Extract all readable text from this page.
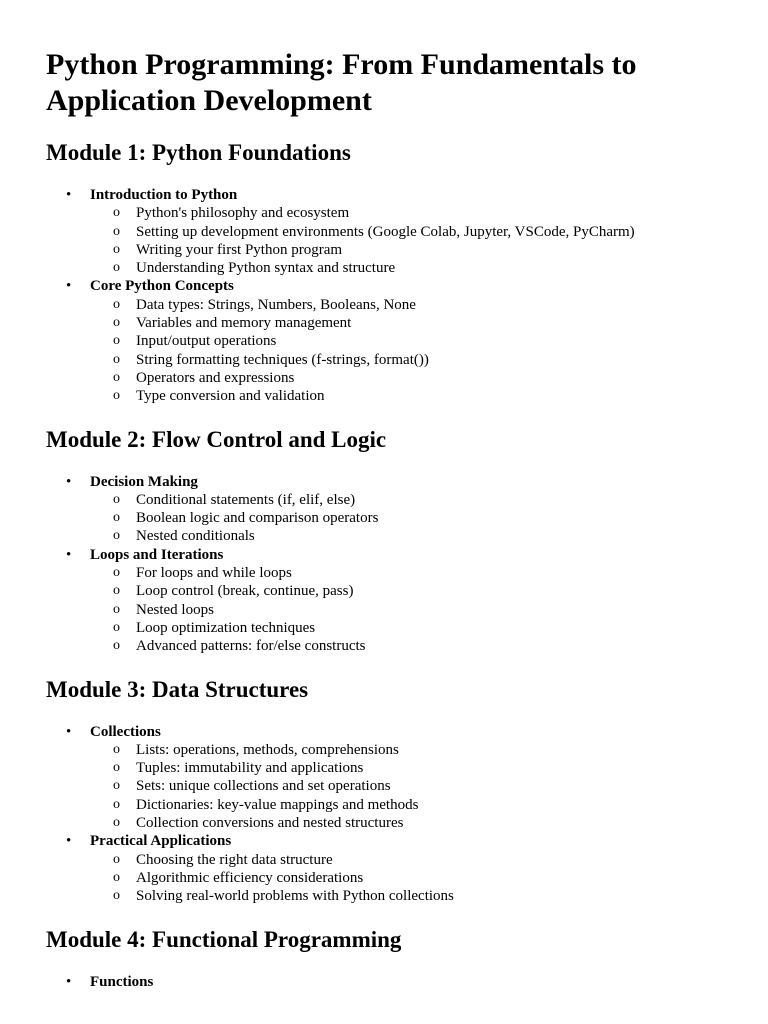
Python Programming: From Fundamentals to Application Development
Module 1: Python Foundations
• Introduction to Python
o Python's philosophy and ecosystem
o Setting up development environments (Google Colab, Jupyter, VSCode, PyCharm)
o Writing your first Python program
o Understanding Python syntax and structure
• Core Python Concepts
o Data types: Strings, Numbers, Booleans, None
o Variables and memory management
o Input/output operations
o String formatting techniques (f-strings, format())
o Operators and expressions
o Type conversion and validation
Module 2: Flow Control and Logic
• Decision Making
o Conditional statements (if, elif, else)
o Boolean logic and comparison operators
o Nested conditionals
• Loops and Iterations
o For loops and while loops
o Loop control (break, continue, pass)
o Nested loops
o Loop optimization techniques
o Advanced patterns: for/else constructs
Module 3: Data Structures
• Collections
o Lists: operations, methods, comprehensions
o Tuples: immutability and applications
o Sets: unique collections and set operations
o Dictionaries: key-value mappings and methods
o Collection conversions and nested structures
• Practical Applications
o Choosing the right data structure
o Algorithmic efficiency considerations
o Solving real-world problems with Python collections
Module 4: Functional Programming
• Functions
